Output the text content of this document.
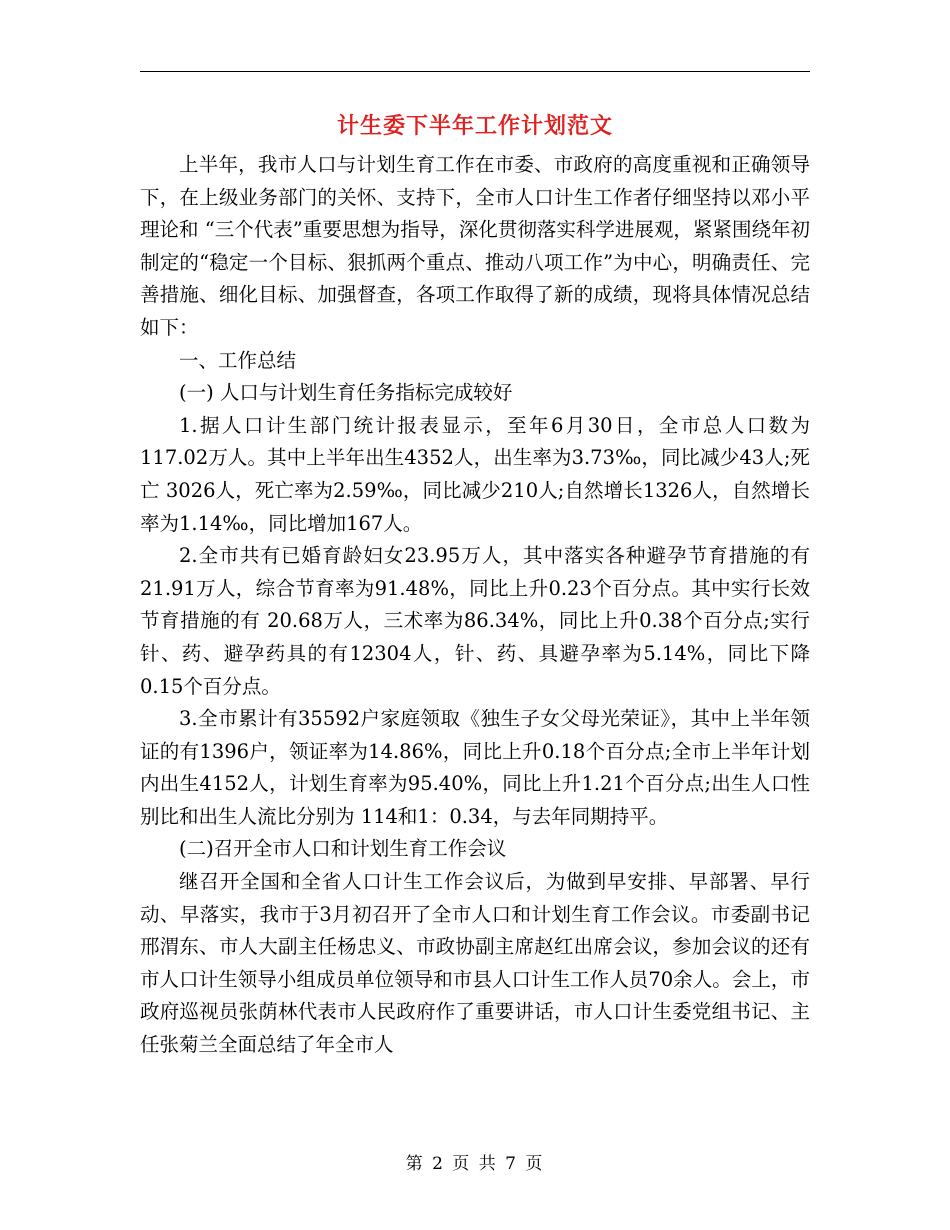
计生委下半年工作计划范文

上半年，我市人口与计划生育工作在市委、市政府的高度重视和正确领导下，在上级业务部门的关怀、支持下，全市人口计生工作者仔细坚持以邓小平理论和 “三个代表”重要思想为指导，深化贯彻落实科学进展观，紧紧围绕年初制定的“稳定一个目标、狠抓两个重点、推动八项工作”为中心，明确责任、完善措施、细化目标、加强督查，各项工作取得了新的成绩，现将具体情况总结如下：

一、工作总结

(一) 人口与计划生育任务指标完成较好

1.据人口计生部门统计报表显示，至年6月30日，全市总人口数为117.02万人。其中上半年出生4352人，出生率为3.73‰，同比减少43人;死亡 3026人，死亡率为2.59‰，同比减少210人;自然增长1326人，自然增长率为1.14‰，同比增加167人。

2.全市共有已婚育龄妇女23.95万人，其中落实各种避孕节育措施的有21.91万人，综合节育率为91.48%，同比上升0.23个百分点。其中实行长效节育措施的有 20.68万人，三术率为86.34%，同比上升0.38个百分点;实行针、药、避孕药具的有12304人，针、药、具避孕率为5.14%，同比下降 0.15个百分点。

3.全市累计有35592户家庭领取《独生子女父母光荣证》，其中上半年领证的有1396户，领证率为14.86%，同比上升0.18个百分点;全市上半年计划内出生4152人，计划生育率为95.40%，同比上升1.21个百分点;出生人口性别比和出生人流比分别为 114和1：0.34，与去年同期持平。

(二)召开全市人口和计划生育工作会议

继召开全国和全省人口计生工作会议后，为做到早安排、早部署、早行动、早落实，我市于3月初召开了全市人口和计划生育工作会议。市委副书记邢渭东、市人大副主任杨忠义、市政协副主席赵红出席会议，参加会议的还有市人口计生领导小组成员单位领导和市县人口计生工作人员70余人。会上，市政府巡视员张荫林代表市人民政府作了重要讲话，市人口计生委党组书记、主任张菊兰全面总结了年全市人

第 2 页 共 7 页
